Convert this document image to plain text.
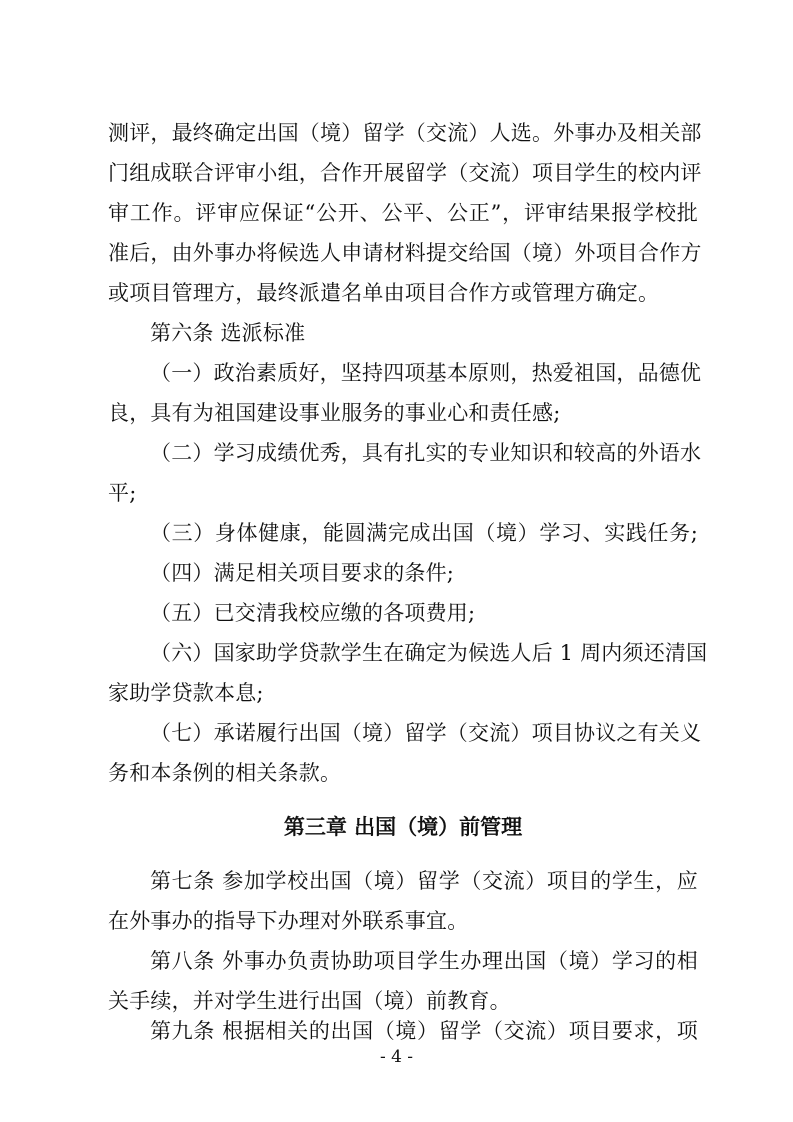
测评，最终确定出国（境）留学（交流）人选。外事办及相关部
门组成联合评审小组，合作开展留学（交流）项目学生的校内评
审工作。评审应保证“公开、公平、公正”，评审结果报学校批
准后，由外事办将候选人申请材料提交给国（境）外项目合作方
或项目管理方，最终派遣名单由项目合作方或管理方确定。
第六条 选派标准
（一）政治素质好，坚持四项基本原则，热爱祖国，品德优
良，具有为祖国建设事业服务的事业心和责任感;
（二）学习成绩优秀，具有扎实的专业知识和较高的外语水
平;
（三）身体健康，能圆满完成出国（境）学习、实践任务;
（四）满足相关项目要求的条件;
（五）已交清我校应缴的各项费用;
（六）国家助学贷款学生在确定为候选人后 1 周内须还清国
家助学贷款本息;
（七）承诺履行出国（境）留学（交流）项目协议之有关义
务和本条例的相关条款。
第三章 出国（境）前管理
第七条 参加学校出国（境）留学（交流）项目的学生，应
在外事办的指导下办理对外联系事宜。
第八条 外事办负责协助项目学生办理出国（境）学习的相
关手续，并对学生进行出国（境）前教育。
第九条 根据相关的出国（境）留学（交流）项目要求，项
- 4 -
